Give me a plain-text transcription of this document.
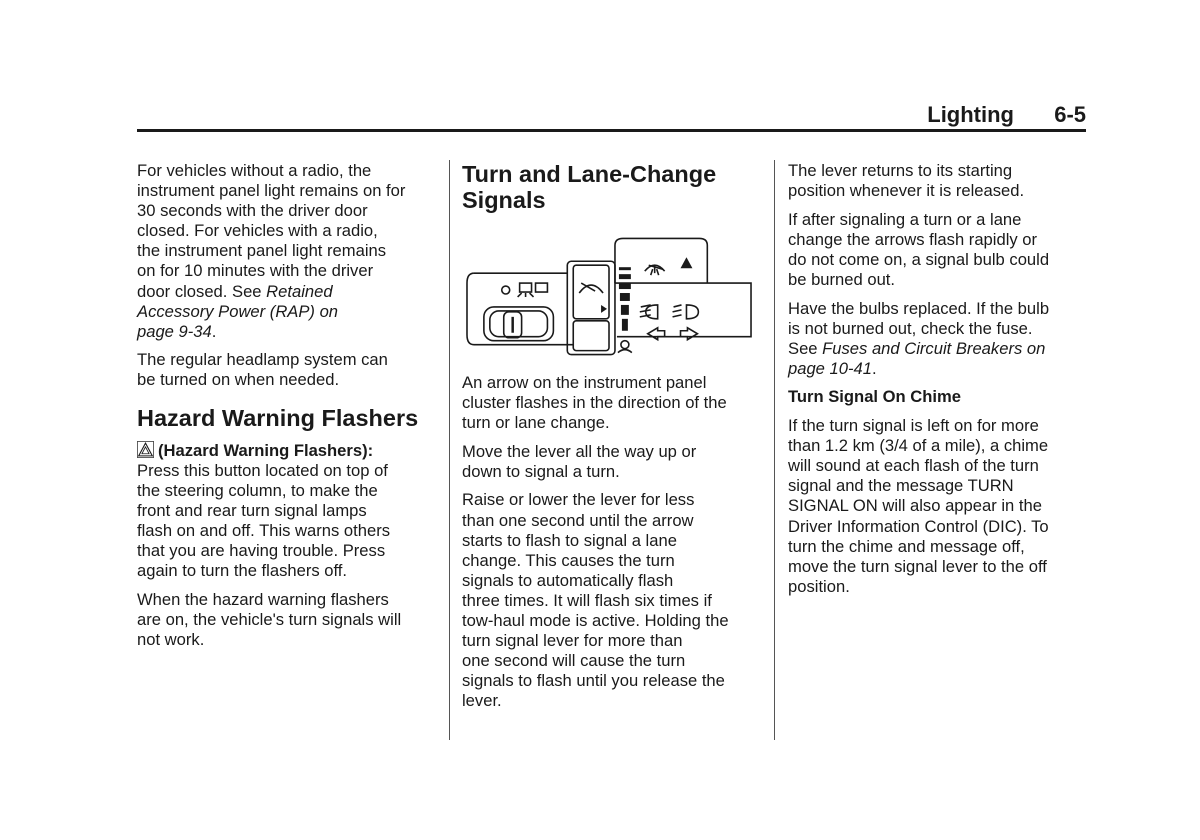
Lighting 6-5

For vehicles without a radio, the
instrument panel light remains on for
30 seconds with the driver door
closed. For vehicles with a radio,
the instrument panel light remains
on for 10 minutes with the driver
door closed. See Retained
Accessory Power (RAP) on
page 9-34.

The regular headlamp system can
be turned on when needed.

Hazard Warning Flashers

(Hazard Warning Flashers):
Press this button located on top of
the steering column, to make the
front and rear turn signal lamps
flash on and off. This warns others
that you are having trouble. Press
again to turn the flashers off.

When the hazard warning flashers
are on, the vehicle's turn signals will
not work.

Turn and Lane-Change
Signals

An arrow on the instrument panel
cluster flashes in the direction of the
turn or lane change.

Move the lever all the way up or
down to signal a turn.

Raise or lower the lever for less
than one second until the arrow
starts to flash to signal a lane
change. This causes the turn
signals to automatically flash
three times. It will flash six times if
tow-haul mode is active. Holding the
turn signal lever for more than
one second will cause the turn
signals to flash until you release the
lever.

The lever returns to its starting
position whenever it is released.

If after signaling a turn or a lane
change the arrows flash rapidly or
do not come on, a signal bulb could
be burned out.

Have the bulbs replaced. If the bulb
is not burned out, check the fuse.
See Fuses and Circuit Breakers on
page 10-41.

Turn Signal On Chime

If the turn signal is left on for more
than 1.2 km (3/4 of a mile), a chime
will sound at each flash of the turn
signal and the message TURN
SIGNAL ON will also appear in the
Driver Information Control (DIC). To
turn the chime and message off,
move the turn signal lever to the off
position.
